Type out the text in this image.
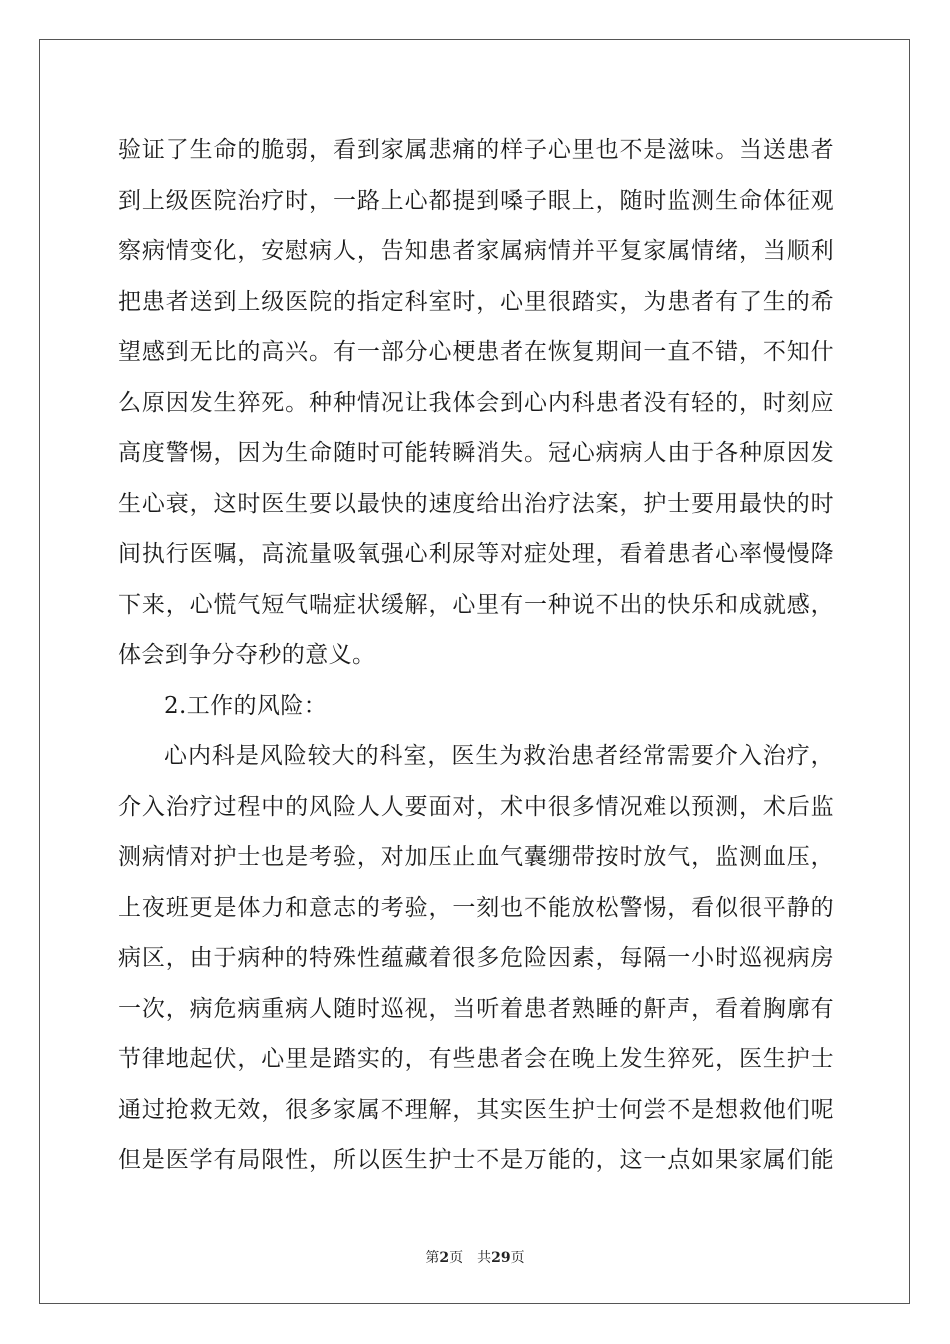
验证了生命的脆弱，看到家属悲痛的样子心里也不是滋味。当送患者
到上级医院治疗时，一路上心都提到嗓子眼上，随时监测生命体征观
察病情变化，安慰病人，告知患者家属病情并平复家属情绪，当顺利
把患者送到上级医院的指定科室时，心里很踏实，为患者有了生的希
望感到无比的高兴。有一部分心梗患者在恢复期间一直不错，不知什
么原因发生猝死。种种情况让我体会到心内科患者没有轻的，时刻应
高度警惕，因为生命随时可能转瞬消失。冠心病病人由于各种原因发
生心衰，这时医生要以最快的速度给出治疗法案，护士要用最快的时
间执行医嘱，高流量吸氧强心利尿等对症处理，看着患者心率慢慢降
下来，心慌气短气喘症状缓解，心里有一种说不出的快乐和成就感，
体会到争分夺秒的意义。
2.工作的风险：
心内科是风险较大的科室，医生为救治患者经常需要介入治疗，
介入治疗过程中的风险人人要面对，术中很多情况难以预测，术后监
测病情对护士也是考验，对加压止血气囊绷带按时放气，监测血压，
上夜班更是体力和意志的考验，一刻也不能放松警惕，看似很平静的
病区，由于病种的特殊性蕴藏着很多危险因素，每隔一小时巡视病房
一次，病危病重病人随时巡视，当听着患者熟睡的鼾声，看着胸廓有
节律地起伏，心里是踏实的，有些患者会在晚上发生猝死，医生护士
通过抢救无效，很多家属不理解，其实医生护士何尝不是想救他们呢
但是医学有局限性，所以医生护士不是万能的，这一点如果家属们能
第2页 共29页
